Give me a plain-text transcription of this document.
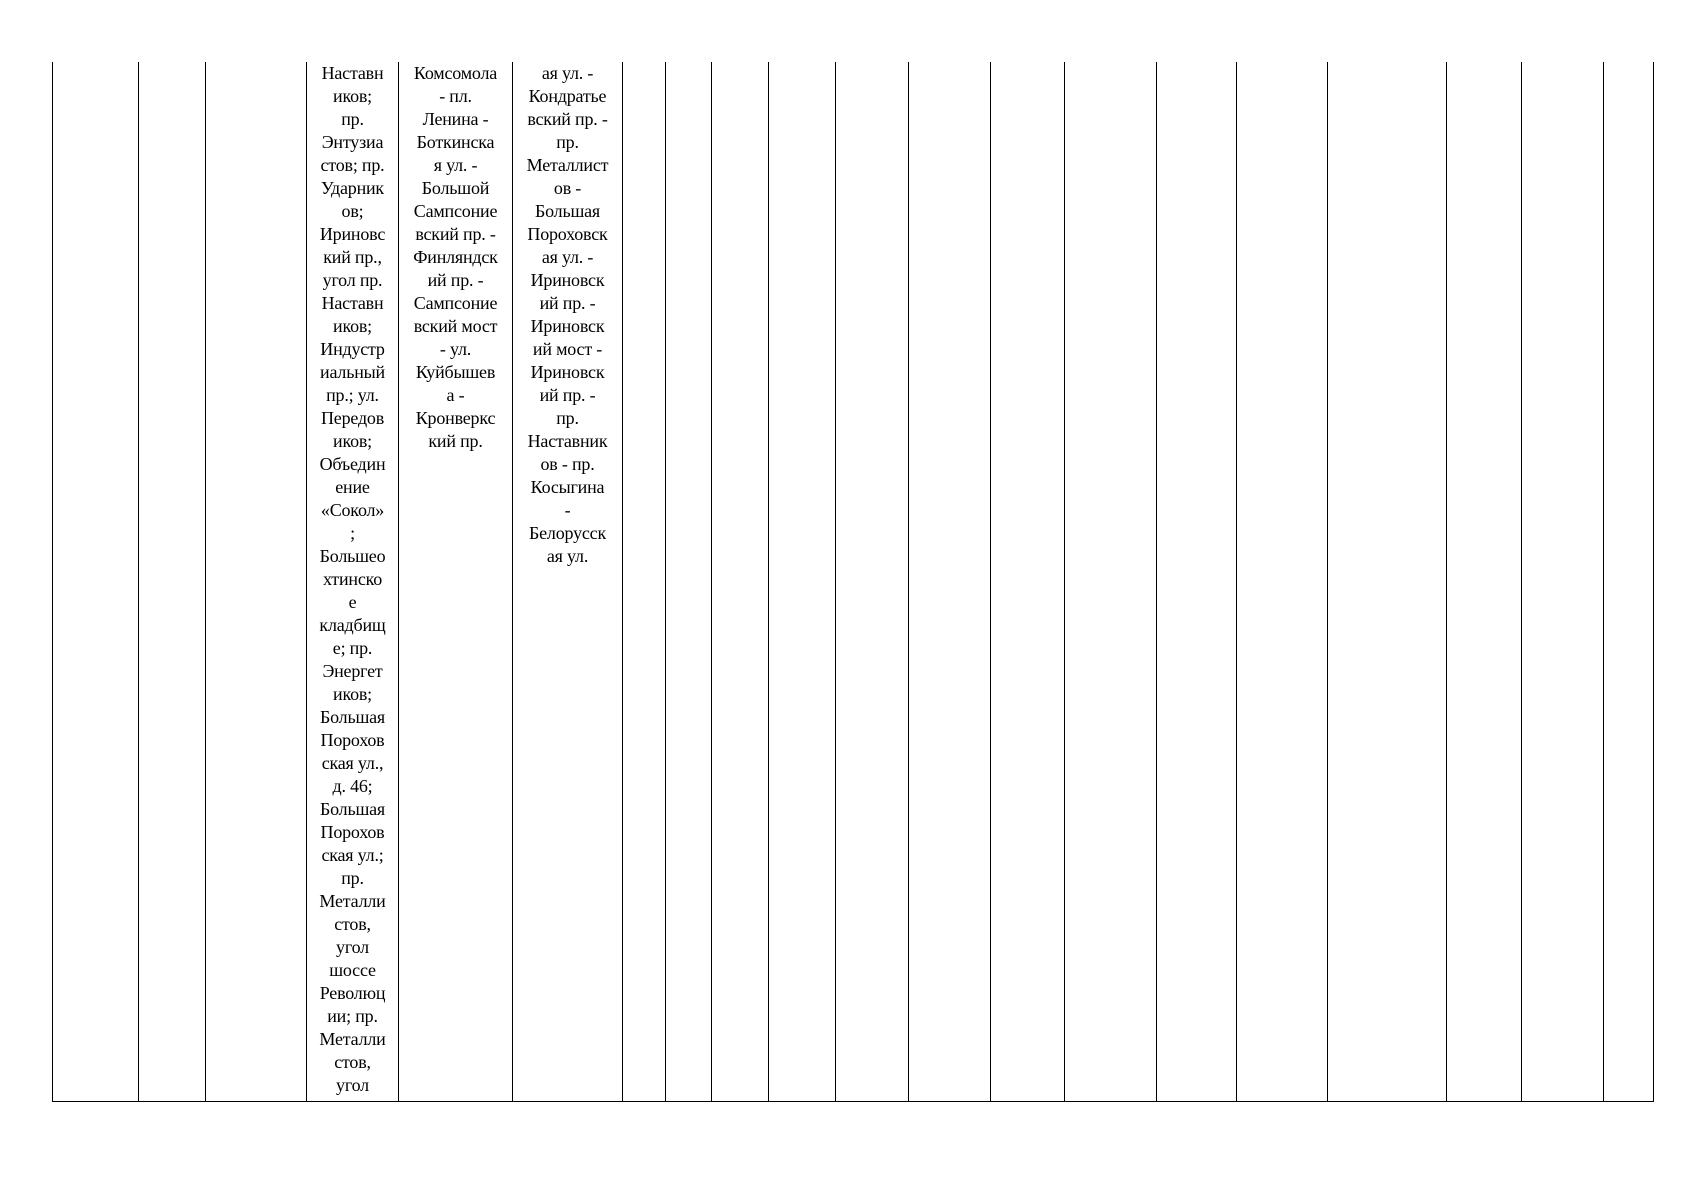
Наставн
иков;
пр.
Энтузиа
стов; пр.
Ударник
ов;
Ириновс
кий пр.,
угол пр.
Наставн
иков;
Индустр
иальный
пр.; ул.
Передов
иков;
Объедин
ение
«Сокол»
;
Большео
хтинско
е
кладбищ
е; пр.
Энергет
иков;
Большая
Порохов
ская ул.,
д. 46;
Большая
Порохов
ская ул.;
пр.
Металли
стов,
угол
шоссе
Революц
ии; пр.
Металли
стов,
угол

Комсомола
- пл.
Ленина -
Боткинска
я ул. -
Большой
Сампсоние
вский пр. -
Финляндск
ий пр. -
Сампсоние
вский мост
- ул.
Куйбышев
а -
Кронверкс
кий пр.

ая ул. -
Кондратье
вский пр. -
пр.
Металлист
ов -
Большая
Пороховск
ая ул. -
Ириновск
ий пр. -
Ириновск
ий мост -
Ириновск
ий пр. -
пр.
Наставник
ов - пр.
Косыгина
-
Белорусск
ая ул.
